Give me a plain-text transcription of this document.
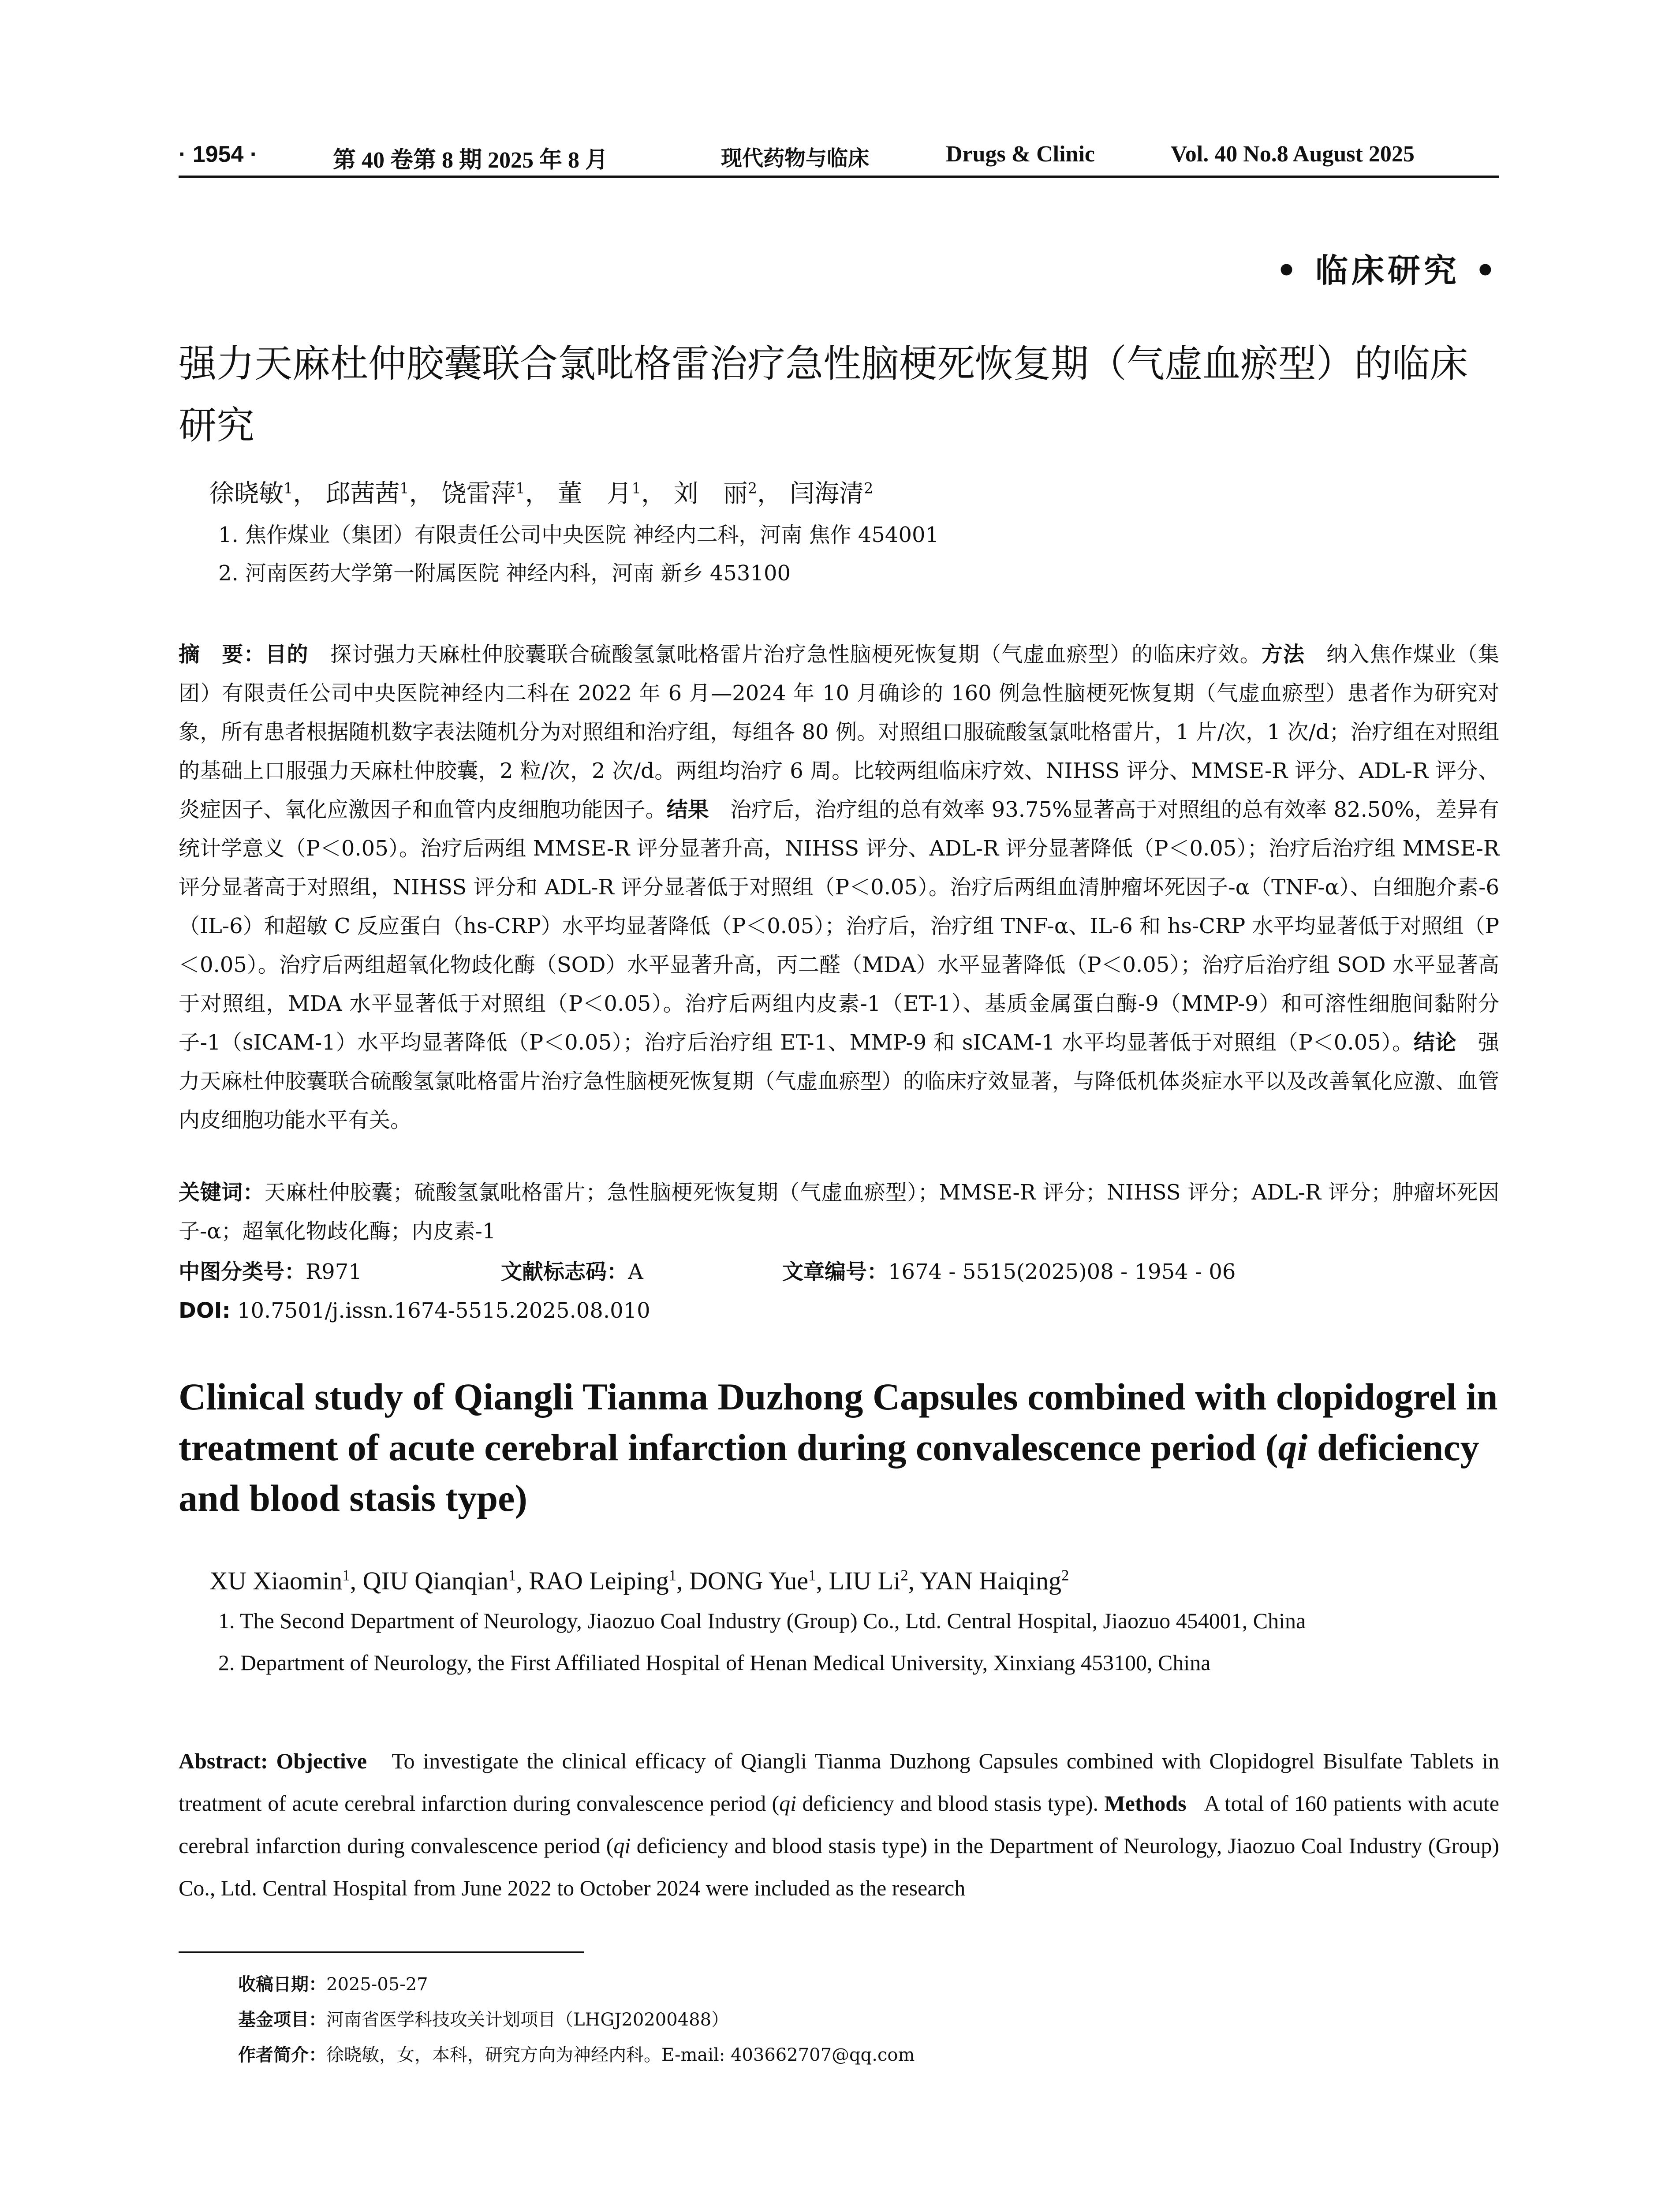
· 1954 ·	第 40 卷第 8 期 2025 年 8 月	现代药物与临床	Drugs & Clinic	Vol. 40 No.8 August 2025
• 临床研究 •
强力天麻杜仲胶囊联合氯吡格雷治疗急性脑梗死恢复期（气虚血瘀型）的临床研究
徐晓敏$^1$， 邱茜茜$^1$， 饶雷萍$^1$， 董　月$^1$， 刘　丽$^2$， 闫海清$^2$
1. 焦作煤业（集团）有限责任公司中央医院 神经内二科，河南 焦作 454001
2. 河南医药大学第一附属医院 神经内科，河南 新乡 453100

摘　要：目的　 探讨强力天麻杜仲胶囊联合硫酸氢氯吡格雷片治疗急性脑梗死恢复期（气虚血瘀型）的临床疗效。方法　 纳入焦作煤业（集团）有限责任公司中央医院神经内二科在 2022 年 6 月—2024 年 10 月确诊的 160 例急性脑梗死恢复期（气虚血瘀型）患者作为研究对象，所有患者根据随机数字表法随机分为对照组和治疗组，每组各 80 例。对照组口服硫酸氢氯吡格雷片，1 片/次，1 次/d；治疗组在对照组的基础上口服强力天麻杜仲胶囊，2 粒/次，2 次/d。两组均治疗 6 周。比较两组临床疗效、NIHSS 评分、MMSE-R 评分、ADL-R 评分、炎症因子、氧化应激因子和血管内皮细胞功能因子。结果　 治疗后，治疗组的总有效率 93.75%显著高于对照组的总有效率 82.50%，差异有统计学意义（P＜0.05）。治疗后两组 MMSE-R 评分显著升高，NIHSS 评分、ADL-R 评分显著降低（P＜0.05）；治疗后治疗组 MMSE-R 评分显著高于对照组，NIHSS 评分和 ADL-R 评分显著低于对照组（P＜0.05）。治疗后两组血清肿瘤坏死因子-α（TNF-α）、白细胞介素-6（IL-6）和超敏 C 反应蛋白（hs-CRP）水平均显著降低（P＜0.05）；治疗后，治疗组 TNF-α、IL-6 和 hs-CRP 水平均显著低于对照组（P＜0.05）。治疗后两组超氧化物歧化酶（SOD）水平显著升高，丙二醛（MDA）水平显著降低（P＜0.05）；治疗后治疗组 SOD 水平显著高于对照组，MDA 水平显著低于对照组（P＜0.05）。治疗后两组内皮素-1（ET-1）、基质金属蛋白酶-9（MMP-9）和可溶性细胞间黏附分子-1（sICAM-1）水平均显著降低（P＜0.05）；治疗后治疗组 ET-1、MMP-9 和 sICAM-1 水平均显著低于对照组（P＜0.05）。结论　 强力天麻杜仲胶囊联合硫酸氢氯吡格雷片治疗急性脑梗死恢复期（气虚血瘀型）的临床疗效显著，与降低机体炎症水平以及改善氧化应激、血管内皮细胞功能水平有关。

关键词：天麻杜仲胶囊；硫酸氢氯吡格雷片；急性脑梗死恢复期（气虚血瘀型）；MMSE-R 评分；NIHSS 评分；ADL-R 评分；肿瘤坏死因子-α；超氧化物歧化酶；内皮素-1
中图分类号：R971	文献标志码：A	文章编号：1674 - 5515(2025)08 - 1954 - 06
DOI: 10.7501/j.issn.1674-5515.2025.08.010
Clinical study of Qiangli Tianma Duzhong Capsules combined with clopidogrel in treatment of acute cerebral infarction during convalescence period (qi deficiency and blood stasis type)
XU Xiaomin$^1$, QIU Qianqian$^1$, RAO Leiping$^1$, DONG Yue$^1$, LIU Li$^2$, YAN Haiqing$^2$
1. The Second Department of Neurology, Jiaozuo Coal Industry (Group) Co., Ltd. Central Hospital, Jiaozuo 454001, China
2. Department of Neurology, the First Affiliated Hospital of Henan Medical University, Xinxiang 453100, China

Abstract: Objective To investigate the clinical efficacy of Qiangli Tianma Duzhong Capsules combined with Clopidogrel Bisulfate Tablets in treatment of acute cerebral infarction during convalescence period (qi deficiency and blood stasis type). Methods A total of 160 patients with acute cerebral infarction during convalescence period (qi deficiency and blood stasis type) in the Department of Neurology, Jiaozuo Coal Industry (Group) Co., Ltd. Central Hospital from June 2022 to October 2024 were included as the research

收稿日期：2025-05-27
基金项目：河南省医学科技攻关计划项目（LHGJ20200488）
作者简介：徐晓敏，女，本科，研究方向为神经内科。E-mail: 403662707@qq.com
